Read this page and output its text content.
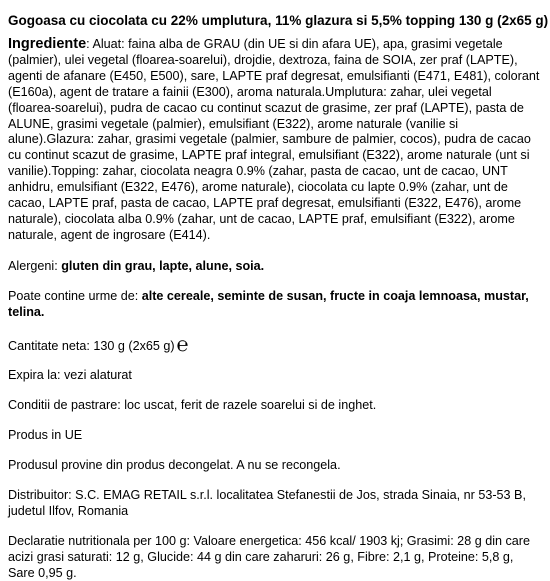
Gogoasa cu ciocolata cu 22% umplutura, 11% glazura si 5,5% topping 130 g (2x65 g)

Ingrediente: Aluat: faina alba de GRAU (din UE si din afara UE), apa, grasimi vegetale (palmier), ulei vegetal (floarea-soarelui), drojdie, dextroza, faina de SOIA, zer praf (LAPTE), agenti de afanare (E450, E500), sare, LAPTE praf degresat, emulsifianti (E471, E481), colorant (E160a), agent de tratare a fainii (E300), aroma naturala.Umplutura: zahar, ulei vegetal (floarea-soarelui), pudra de cacao cu continut scazut de grasime, zer praf (LAPTE), pasta de ALUNE, grasimi vegetale (palmier), emulsifiant (E322), arome naturale (vanilie si alune).Glazura: zahar, grasimi vegetale (palmier, sambure de palmier, cocos), pudra de cacao cu continut scazut de grasime, LAPTE praf integral, emulsifiant (E322), arome naturale (unt si vanilie).Topping: zahar, ciocolata neagra 0.9% (zahar, pasta de cacao, unt de cacao, UNT anhidru, emulsifiant (E322, E476), arome naturale), ciocolata cu lapte 0.9% (zahar, unt de cacao, LAPTE praf, pasta de cacao, LAPTE praf degresat, emulsifianti (E322, E476), arome naturale), ciocolata alba 0.9% (zahar, unt de cacao, LAPTE praf, emulsifiant (E322), arome naturale, agent de ingrosare (E414).

Alergeni: gluten din grau, lapte, alune, soia.

Poate contine urme de: alte cereale, seminte de susan, fructe in coaja lemnoasa, mustar, telina.

Cantitate neta: 130 g (2x65 g) ℮

Expira la: vezi alaturat

Conditii de pastrare: loc uscat, ferit de razele soarelui si de inghet.

Produs in UE

Produsul provine din produs decongelat. A nu se recongela.

Distribuitor: S.C. EMAG RETAIL s.r.l. localitatea Stefanestii de Jos, strada Sinaia, nr 53-53 B, judetul Ilfov, Romania

Declaratie nutritionala per 100 g: Valoare energetica: 456 kcal/ 1903 kj; Grasimi: 28 g din care acizi grasi saturati: 12 g, Glucide: 44 g din care zaharuri: 26 g, Fibre: 2,1 g, Proteine: 5,8 g, Sare 0,95 g.
